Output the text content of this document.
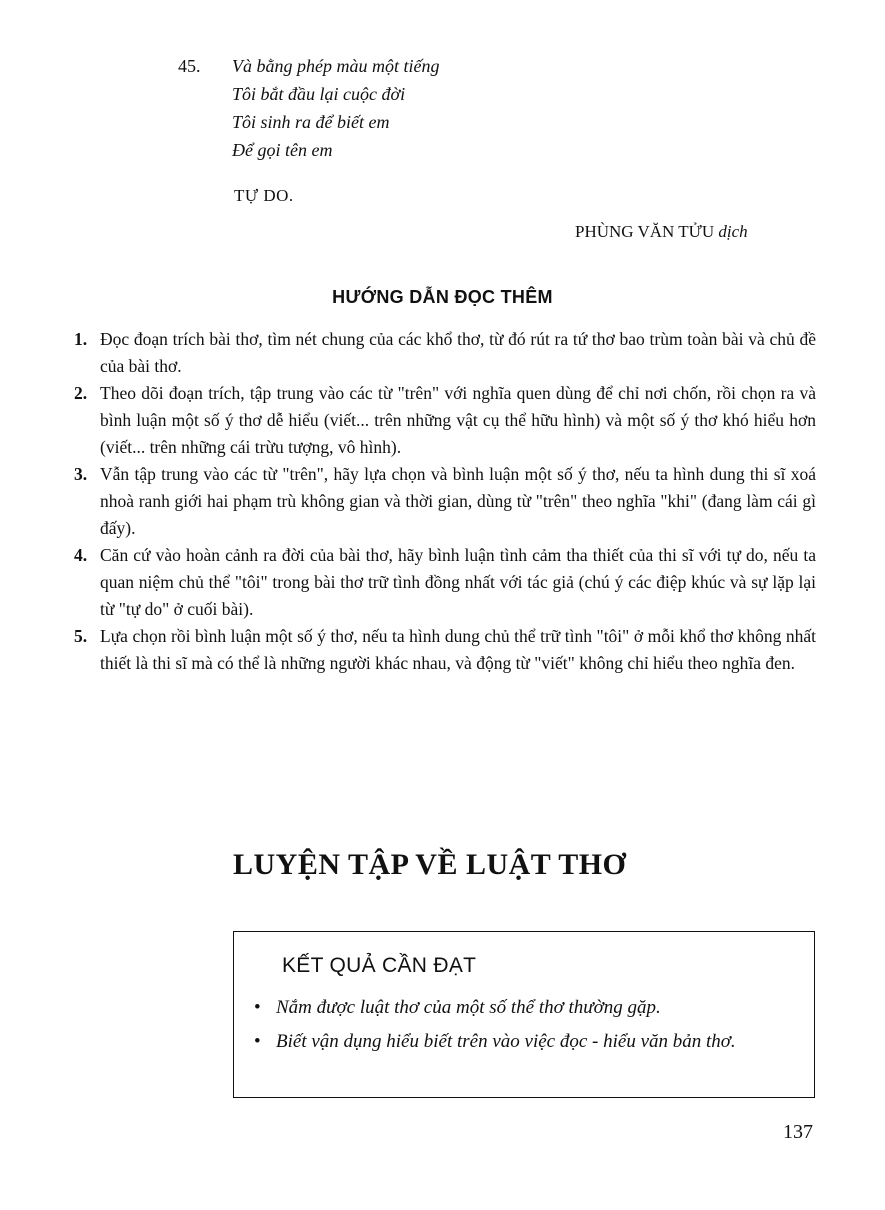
45. Và bằng phép màu một tiếng
Tôi bắt đầu lại cuộc đời
Tôi sinh ra để biết em
Để gọi tên em
TỰ DO.
PHÙNG VĂN TỬU dịch
HƯỚNG DẪN ĐỌC THÊM
1. Đọc đoạn trích bài thơ, tìm nét chung của các khổ thơ, từ đó rút ra tứ thơ bao trùm toàn bài và chủ đề của bài thơ.
2. Theo dõi đoạn trích, tập trung vào các từ "trên" với nghĩa quen dùng để chỉ nơi chốn, rồi chọn ra và bình luận một số ý thơ dễ hiểu (viết... trên những vật cụ thể hữu hình) và một số ý thơ khó hiểu hơn (viết... trên những cái trừu tượng, vô hình).
3. Vẫn tập trung vào các từ "trên", hãy lựa chọn và bình luận một số ý thơ, nếu ta hình dung thi sĩ xoá nhoà ranh giới hai phạm trù không gian và thời gian, dùng từ "trên" theo nghĩa "khi" (đang làm cái gì đấy).
4. Căn cứ vào hoàn cảnh ra đời của bài thơ, hãy bình luận tình cảm tha thiết của thi sĩ với tự do, nếu ta quan niệm chủ thể "tôi" trong bài thơ trữ tình đồng nhất với tác giả (chú ý các điệp khúc và sự lặp lại từ "tự do" ở cuối bài).
5. Lựa chọn rồi bình luận một số ý thơ, nếu ta hình dung chủ thể trữ tình "tôi" ở mỗi khổ thơ không nhất thiết là thi sĩ mà có thể là những người khác nhau, và động từ "viết" không chỉ hiểu theo nghĩa đen.
LUYỆN TẬP VỀ LUẬT THƠ
KẾT QUẢ CẦN ĐẠT
• Nắm được luật thơ của một số thể thơ thường gặp.
• Biết vận dụng hiểu biết trên vào việc đọc - hiểu văn bản thơ.
137
